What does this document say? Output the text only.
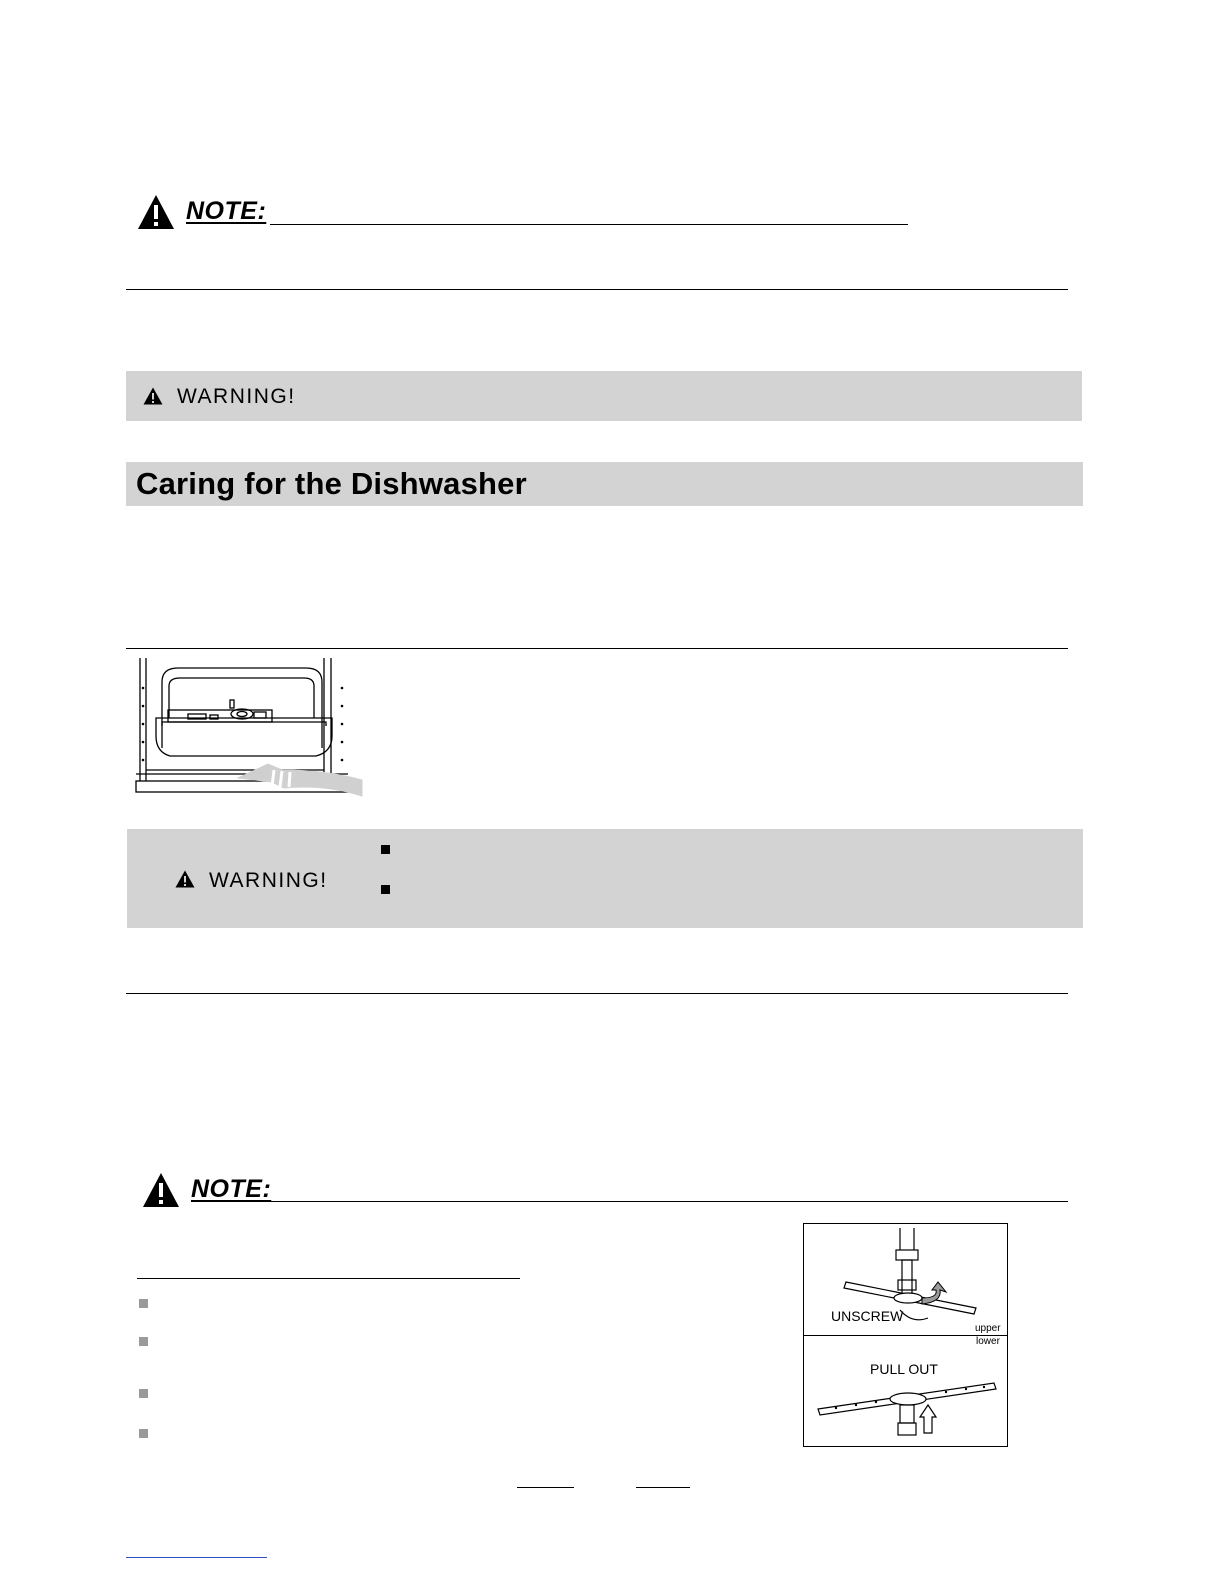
NOTE:
WARNING!
Caring for the Dishwasher
WARNING!
NOTE:
UNSCREW
upper
lower
PULL OUT
